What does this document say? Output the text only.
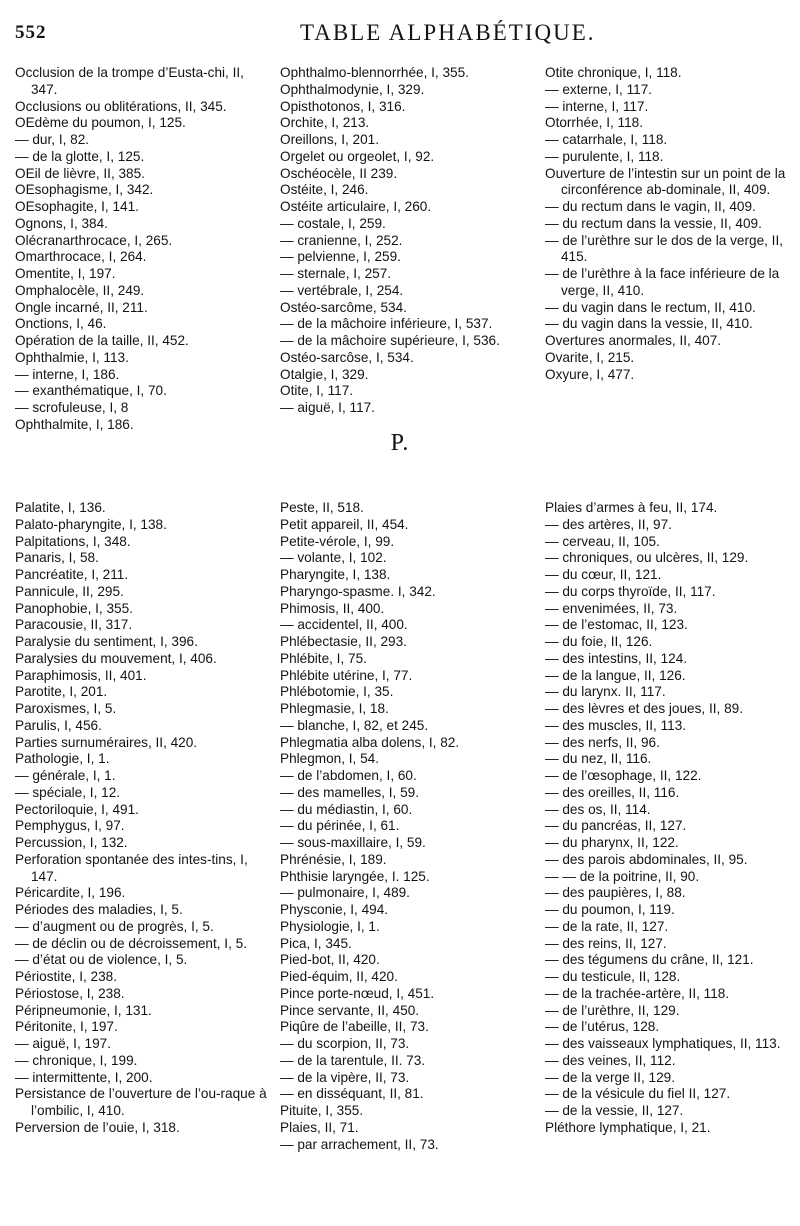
552	TABLE ALPHABÉTIQUE.
Occlusion de la trompe d’Eusta-chi, II, 347.
Occlusions ou oblitérations, II, 345.
OEdème du poumon, I, 125.
— dur, I, 82.
— de la glotte, I, 125.
OEil de lièvre, II, 385.
OEsophagisme, I, 342.
OEsophagite, I, 141.
Ognons, I, 384.
Olécranarthrocace, I, 265.
Omarthrocace, I, 264.
Omentite, I, 197.
Omphalocèle, II, 249.
Ongle incarné, II, 211.
Onctions, I, 46.
Opération de la taille, II, 452.
Ophthalmie, I, 113.
— interne, I, 186.
— exanthématique, I, 70.
— scrofuleuse, I, 8
Ophthalmite, I, 186.
Ophthalmo-blennorrhée, I, 355.
Ophthalmodynie, I, 329.
Opisthotonos, I, 316.
Orchite, I, 213.
Oreillons, I, 201.
Orgelet ou orgeolet, I, 92.
Oschéocèle, II 239.
Ostéite, I, 246.
Ostéite articulaire, I, 260.
— costale, I, 259.
— cranienne, I, 252.
— pelvienne, I, 259.
— sternale, I, 257.
— vertébrale, I, 254.
Ostéo-sarcôme, 534.
— de la mâchoire inférieure, I, 537.
— de la mâchoire supérieure, I, 536.
Ostéo-sarcôse, I, 534.
Otalgie, I, 329.
Otite, I, 117.
— aiguë, I, 117.
Otite chronique, I, 118.
— externe, I, 117.
— interne, I, 117.
Otorrhée, I, 118.
— catarrhale, I, 118.
— purulente, I, 118.
Ouverture de l’intestin sur un point de la circonférence ab-dominale, II, 409.
— du rectum dans le vagin, II, 409.
— du rectum dans la vessie, II, 409.
— de l’urèthre sur le dos de la verge, II, 415.
— de l’urèthre à la face inférieure de la verge, II, 410.
— du vagin dans le rectum, II, 410.
— du vagin dans la vessie, II, 410.
Overtures anormales, II, 407.
Ovarite, I, 215.
Oxyure, I, 477.
P.
Palatite, I, 136.
Palato-pharyngite, I, 138.
Palpitations, I, 348.
Panaris, I, 58.
Pancréatite, I, 211.
Pannicule, II, 295.
Panophobie, I, 355.
Paracousie, II, 317.
Paralysie du sentiment, I, 396.
Paralysies du mouvement, I, 406.
Paraphimosis, II, 401.
Parotite, I, 201.
Paroxismes, I, 5.
Parulis, I, 456.
Parties surnuméraires, II, 420.
Pathologie, I, 1.
— générale, I, 1.
— spéciale, I, 12.
Pectoriloquie, I, 491.
Pemphygus, I, 97.
Percussion, I, 132.
Perforation spontanée des intes-tins, I, 147.
Péricardite, I, 196.
Périodes des maladies, I, 5.
— d’augment ou de progrès, I, 5.
— de déclin ou de décroissement, I, 5.
— d’état ou de violence, I, 5.
Périostite, I, 238.
Périostose, I, 238.
Péripneumonie, I, 131.
Péritonite, I, 197.
— aiguë, I, 197.
— chronique, I, 199.
— intermittente, I, 200.
Persistance de l’ouverture de l’ou-raque à l’ombilic, I, 410.
Perversion de l’ouie, I, 318.
Peste, II, 518.
Petit appareil, II, 454.
Petite-vérole, I, 99.
— volante, I, 102.
Pharyngite, I, 138.
Pharyngo-spasme. I, 342.
Phimosis, II, 400.
— accidentel, II, 400.
Phlébectasie, II, 293.
Phlébite, I, 75.
Phlébite utérine, I, 77.
Phlébotomie, I, 35.
Phlegmasie, I, 18.
— blanche, I, 82, et 245.
Phlegmatia alba dolens, I, 82.
Phlegmon, I, 54.
— de l’abdomen, I, 60.
— des mamelles, I, 59.
— du médiastin, I, 60.
— du périnée, I, 61.
— sous-maxillaire, I, 59.
Phrénésie, I, 189.
Phthisie laryngée, I. 125.
— pulmonaire, I, 489.
Physconie, I, 494.
Physiologie, I, 1.
Pica, I, 345.
Pied-bot, II, 420.
Pied-équim, II, 420.
Pince porte-nœud, I, 451.
Pince servante, II, 450.
Piqûre de l’abeille, II, 73.
— du scorpion, II, 73.
— de la tarentule, II. 73.
— de la vipère, II, 73.
— en disséquant, II, 81.
Pituite, I, 355.
Plaies, II, 71.
— par arrachement, II, 73.
Plaies d’armes à feu, II, 174.
— des artères, II, 97.
— cerveau, II, 105.
— chroniques, ou ulcères, II, 129.
— du cœur, II, 121.
— du corps thyroïde, II, 117.
— envenimées, II, 73.
— de l’estomac, II, 123.
— du foie, II, 126.
— des intestins, II, 124.
— de la langue, II, 126.
— du larynx. II, 117.
— des lèvres et des joues, II, 89.
— des muscles, II, 113.
— des nerfs, II, 96.
— du nez, II, 116.
— de l’œsophage, II, 122.
— des oreilles, II, 116.
— des os, II, 114.
— du pancréas, II, 127.
— du pharynx, II, 122.
— des parois abdominales, II, 95.
— — de la poitrine, II, 90.
— des paupières, I, 88.
— du poumon, I, 119.
— de la rate, II, 127.
— des reins, II, 127.
— des tégumens du crâne, II, 121.
— du testicule, II, 128.
— de la trachée-artère, II, 118.
— de l’urèthre, II, 129.
— de l’utérus, 128.
— des vaisseaux lymphatiques, II, 113.
— des veines, II, 112.
— de la verge II, 129.
— de la vésicule du fiel II, 127.
— de la vessie, II, 127.
Pléthore lymphatique, I, 21.
